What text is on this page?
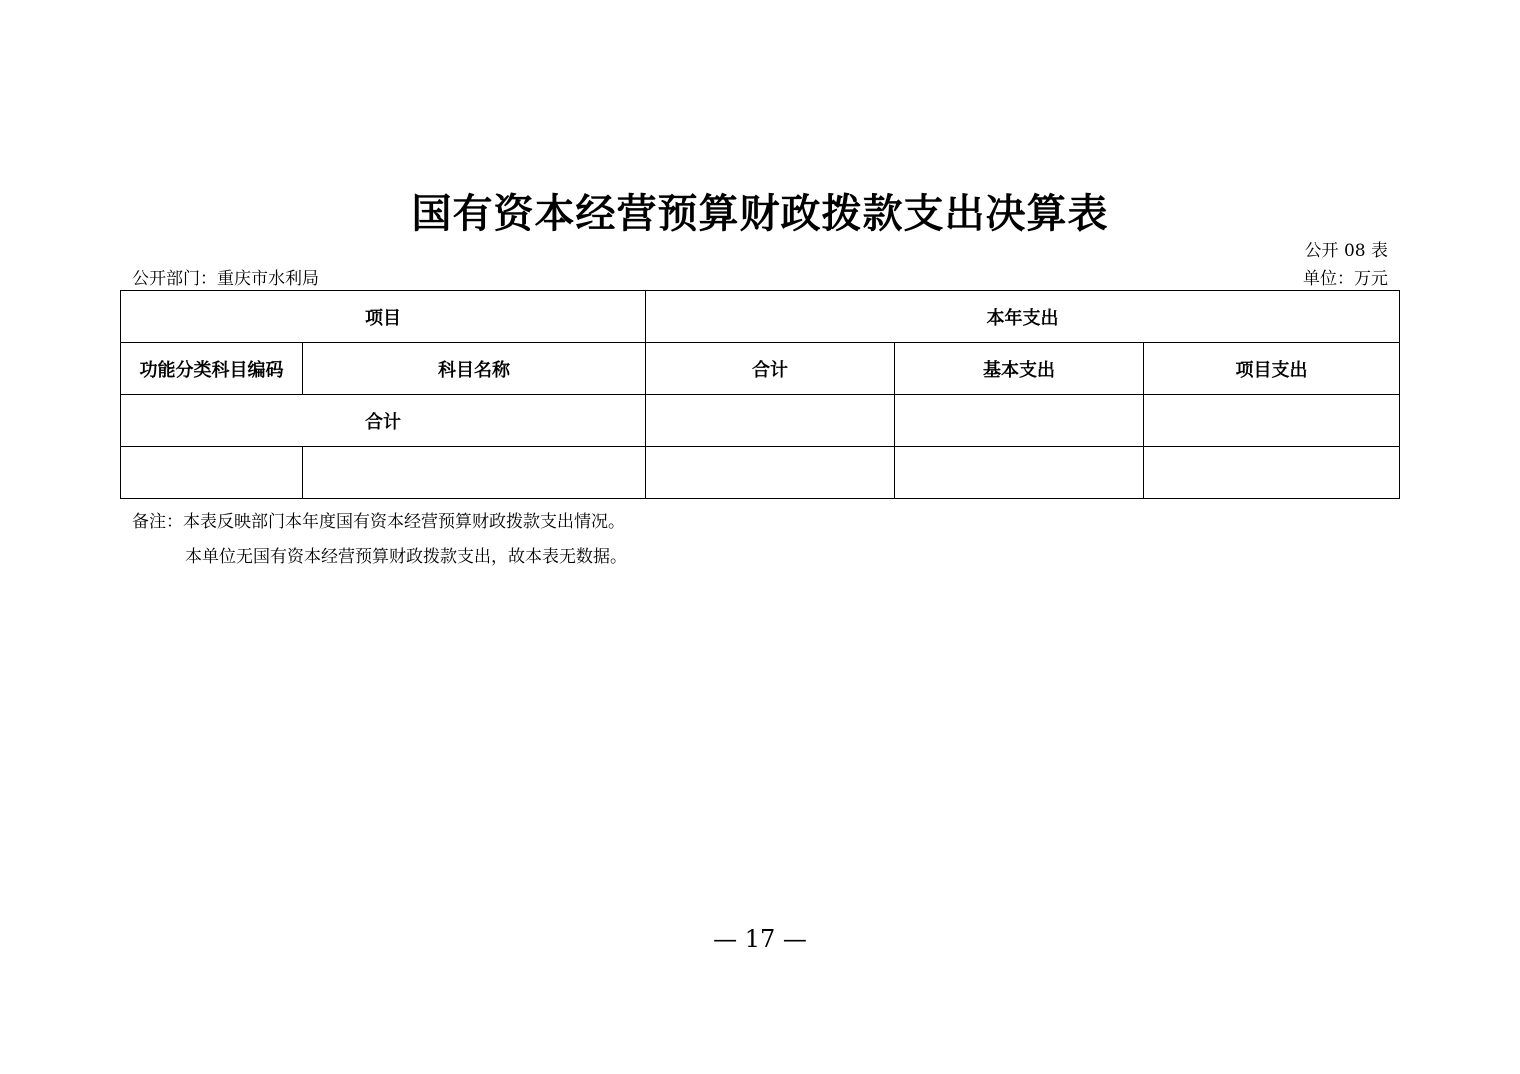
国有资本经营预算财政拨款支出决算表
公开 08 表
公开部门：重庆市水利局	单位：万元
项目		本年支出		
功能分类科目编码	科目名称	合计	基本支出	项目支出
合计				

备注：本表反映部门本年度国有资本经营预算财政拨款支出情况。
本单位无国有资本经营预算财政拨款支出，故本表无数据。
— 17 —
